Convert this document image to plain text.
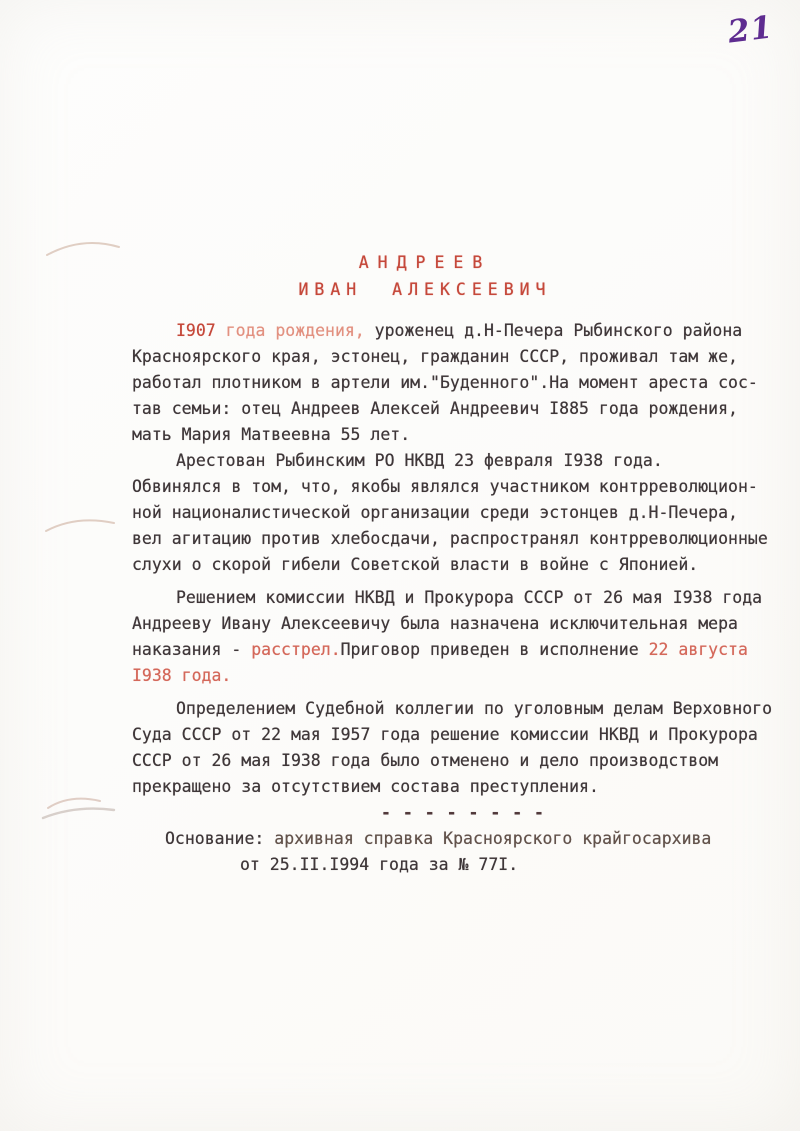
21
АНДРЕЕВ
ИВАН АЛЕКСЕЕВИЧ
I907 года рождения, уроженец д.Н-Печера Рыбинского района
Красноярского края, эстонец, гражданин СССР, проживал там же,
работал плотником в артели им."Буденного".На момент ареста сос-
тав семьи: отец Андреев Алексей Андреевич I885 года рождения,
мать Мария Матвеевна 55 лет.
Арестован Рыбинским РО НКВД 23 февраля I938 года.
Обвинялся в том, что, якобы являлся участником контрреволюцион-
ной националистической организации среди эстонцев д.Н-Печера,
вел агитацию против хлебосдачи, распространял контрреволюционные
слухи о скорой гибели Советской власти в войне с Японией.
Решением комиссии НКВД и Прокурора СССР от 26 мая I938 года
Андрееву Ивану Алексеевичу была назначена исключительная мера
наказания - расстрел.Приговор приведен в исполнение 22 августа
I938 года.
Определением Судебной коллегии по уголовным делам Верховного
Суда СССР от 22 мая I957 года решение комиссии НКВД и Прокурора
СССР от 26 мая I938 года было отменено и дело производством
прекращено за отсутствием состава преступления.
- - - - - - - -
Основание: архивная справка Красноярского крайгосархива
от 25.II.I994 года за № 77I.
